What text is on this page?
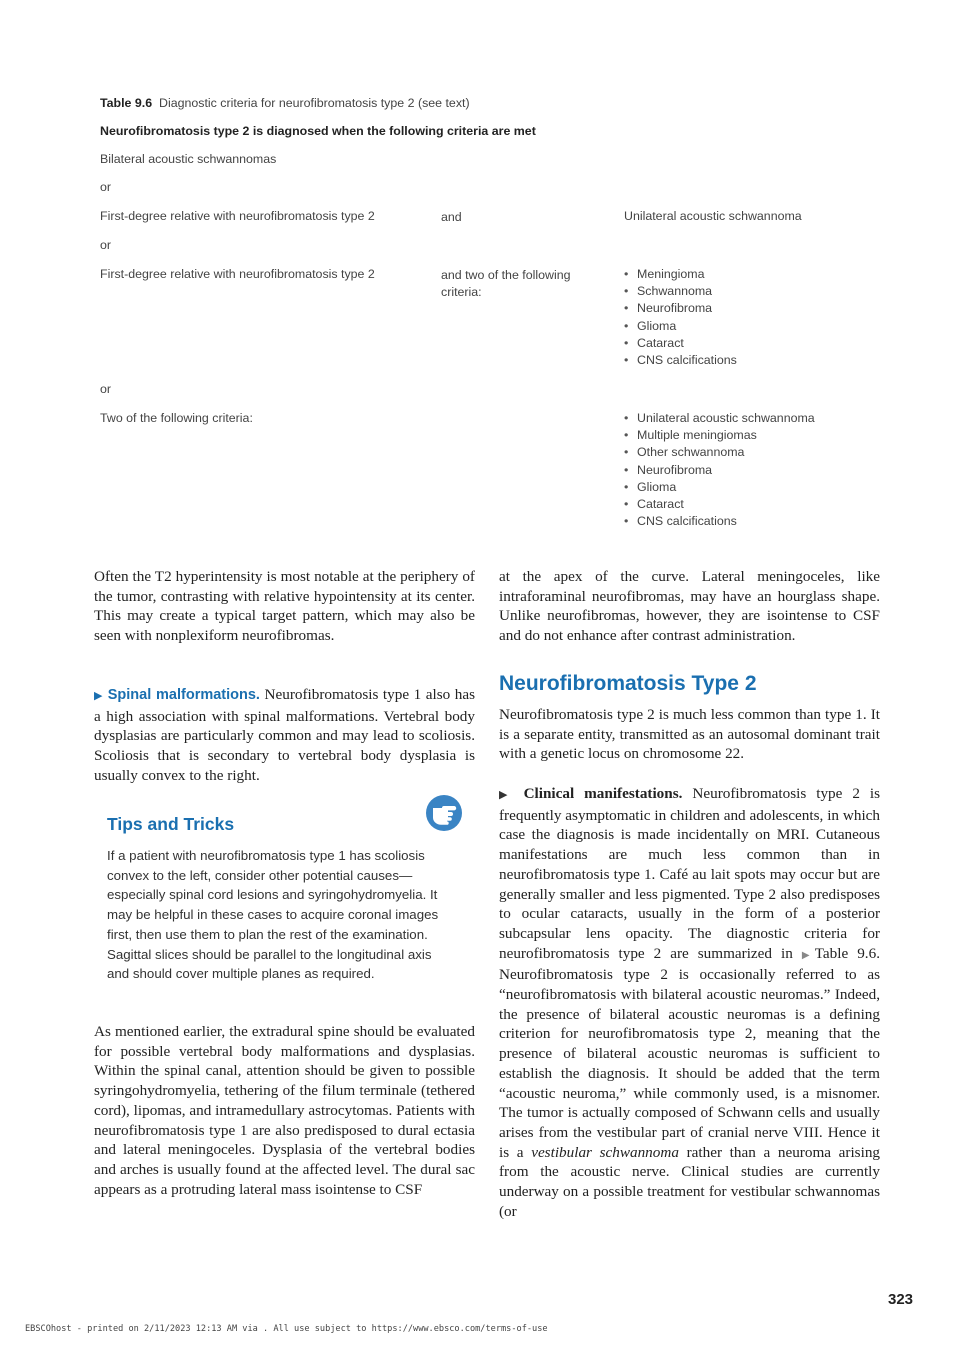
Table 9.6 Diagnostic criteria for neurofibromatosis type 2 (see text)
Neurofibromatosis type 2 is diagnosed when the following criteria are met
Bilateral acoustic schwannomas
or
First-degree relative with neurofibromatosis type 2	and	Unilateral acoustic schwannoma
or
First-degree relative with neurofibromatosis type 2	and two of the following criteria:
• Meningioma
• Schwannoma
• Neurofibroma
• Glioma
• Cataract
• CNS calcifications
or
Two of the following criteria:
•	Unilateral acoustic schwannoma
• Multiple meningiomas
• Other schwannoma
• Neurofibroma
• Glioma
• Cataract
• CNS calcifications

Often the T2 hyperintensity is most notable at the periphery of the tumor, contrasting with relative hypointensity at its center. This may create a typical target pattern, which may also be seen with nonplexiform neurofibromas.

▶ Spinal malformations. Neurofibromatosis type 1 also has a high association with spinal malformations. Vertebral body dysplasias are particularly common and may lead to scoliosis. Scoliosis that is secondary to vertebral body dysplasia is usually convex to the right.

Tips and Tricks

If a patient with neurofibromatosis type 1 has scoliosis convex to the left, consider other potential causes—especially spinal cord lesions and syringohydromyelia. It may be helpful in these cases to acquire coronal images first, then use them to plan the rest of the examination. Sagittal slices should be parallel to the longitudinal axis and should cover multiple planes as required.

As mentioned earlier, the extradural spine should be evaluated for possible vertebral body malformations and dysplasias. Within the spinal canal, attention should be given to possible syringohydromyelia, tethering of the filum terminale (tethered cord), lipomas, and intramedullary astrocytomas. Patients with neurofibromatosis type 1 are also predisposed to dural ectasia and lateral meningoceles. Dysplasia of the vertebral bodies and arches is usually found at the affected level. The dural sac appears as a protruding lateral mass isointense to CSF

at the apex of the curve. Lateral meningoceles, like intraforaminal neurofibromas, may have an hourglass shape. Unlike neurofibromas, however, they are isointense to CSF and do not enhance after contrast administration.

Neurofibromatosis Type 2

Neurofibromatosis type 2 is much less common than type 1. It is a separate entity, transmitted as an autosomal dominant trait with a genetic locus on chromosome 22.

▶ Clinical manifestations. Neurofibromatosis type 2 is frequently asymptomatic in children and adolescents, in which case the diagnosis is made incidentally on MRI. Cutaneous manifestations are much less common than in neurofibromatosis type 1. Café au lait spots may occur but are generally smaller and less pigmented. Type 2 also predisposes to ocular cataracts, usually in the form of a posterior subcapsular lens opacity. The diagnostic criteria for neurofibromatosis type 2 are summarized in ▶Table 9.6. Neurofibromatosis type 2 is occasionally referred to as “neurofibromatosis with bilateral acoustic neuromas.” Indeed, the presence of bilateral acoustic neuromas is a defining criterion for neurofibromatosis type 2, meaning that the presence of bilateral acoustic neuromas is sufficient to establish the diagnosis. It should be added that the term “acoustic neuroma,” while commonly used, is a misnomer. The tumor is actually composed of Schwann cells and usually arises from the vestibular part of cranial nerve VIII. Hence it is a vestibular schwannoma rather than a neuroma arising from the acoustic nerve. Clinical studies are currently underway on a possible treatment for vestibular schwannomas (or

323
EBSCOhost - printed on 2/11/2023 12:13 AM via . All use subject to https://www.ebsco.com/terms-of-use
